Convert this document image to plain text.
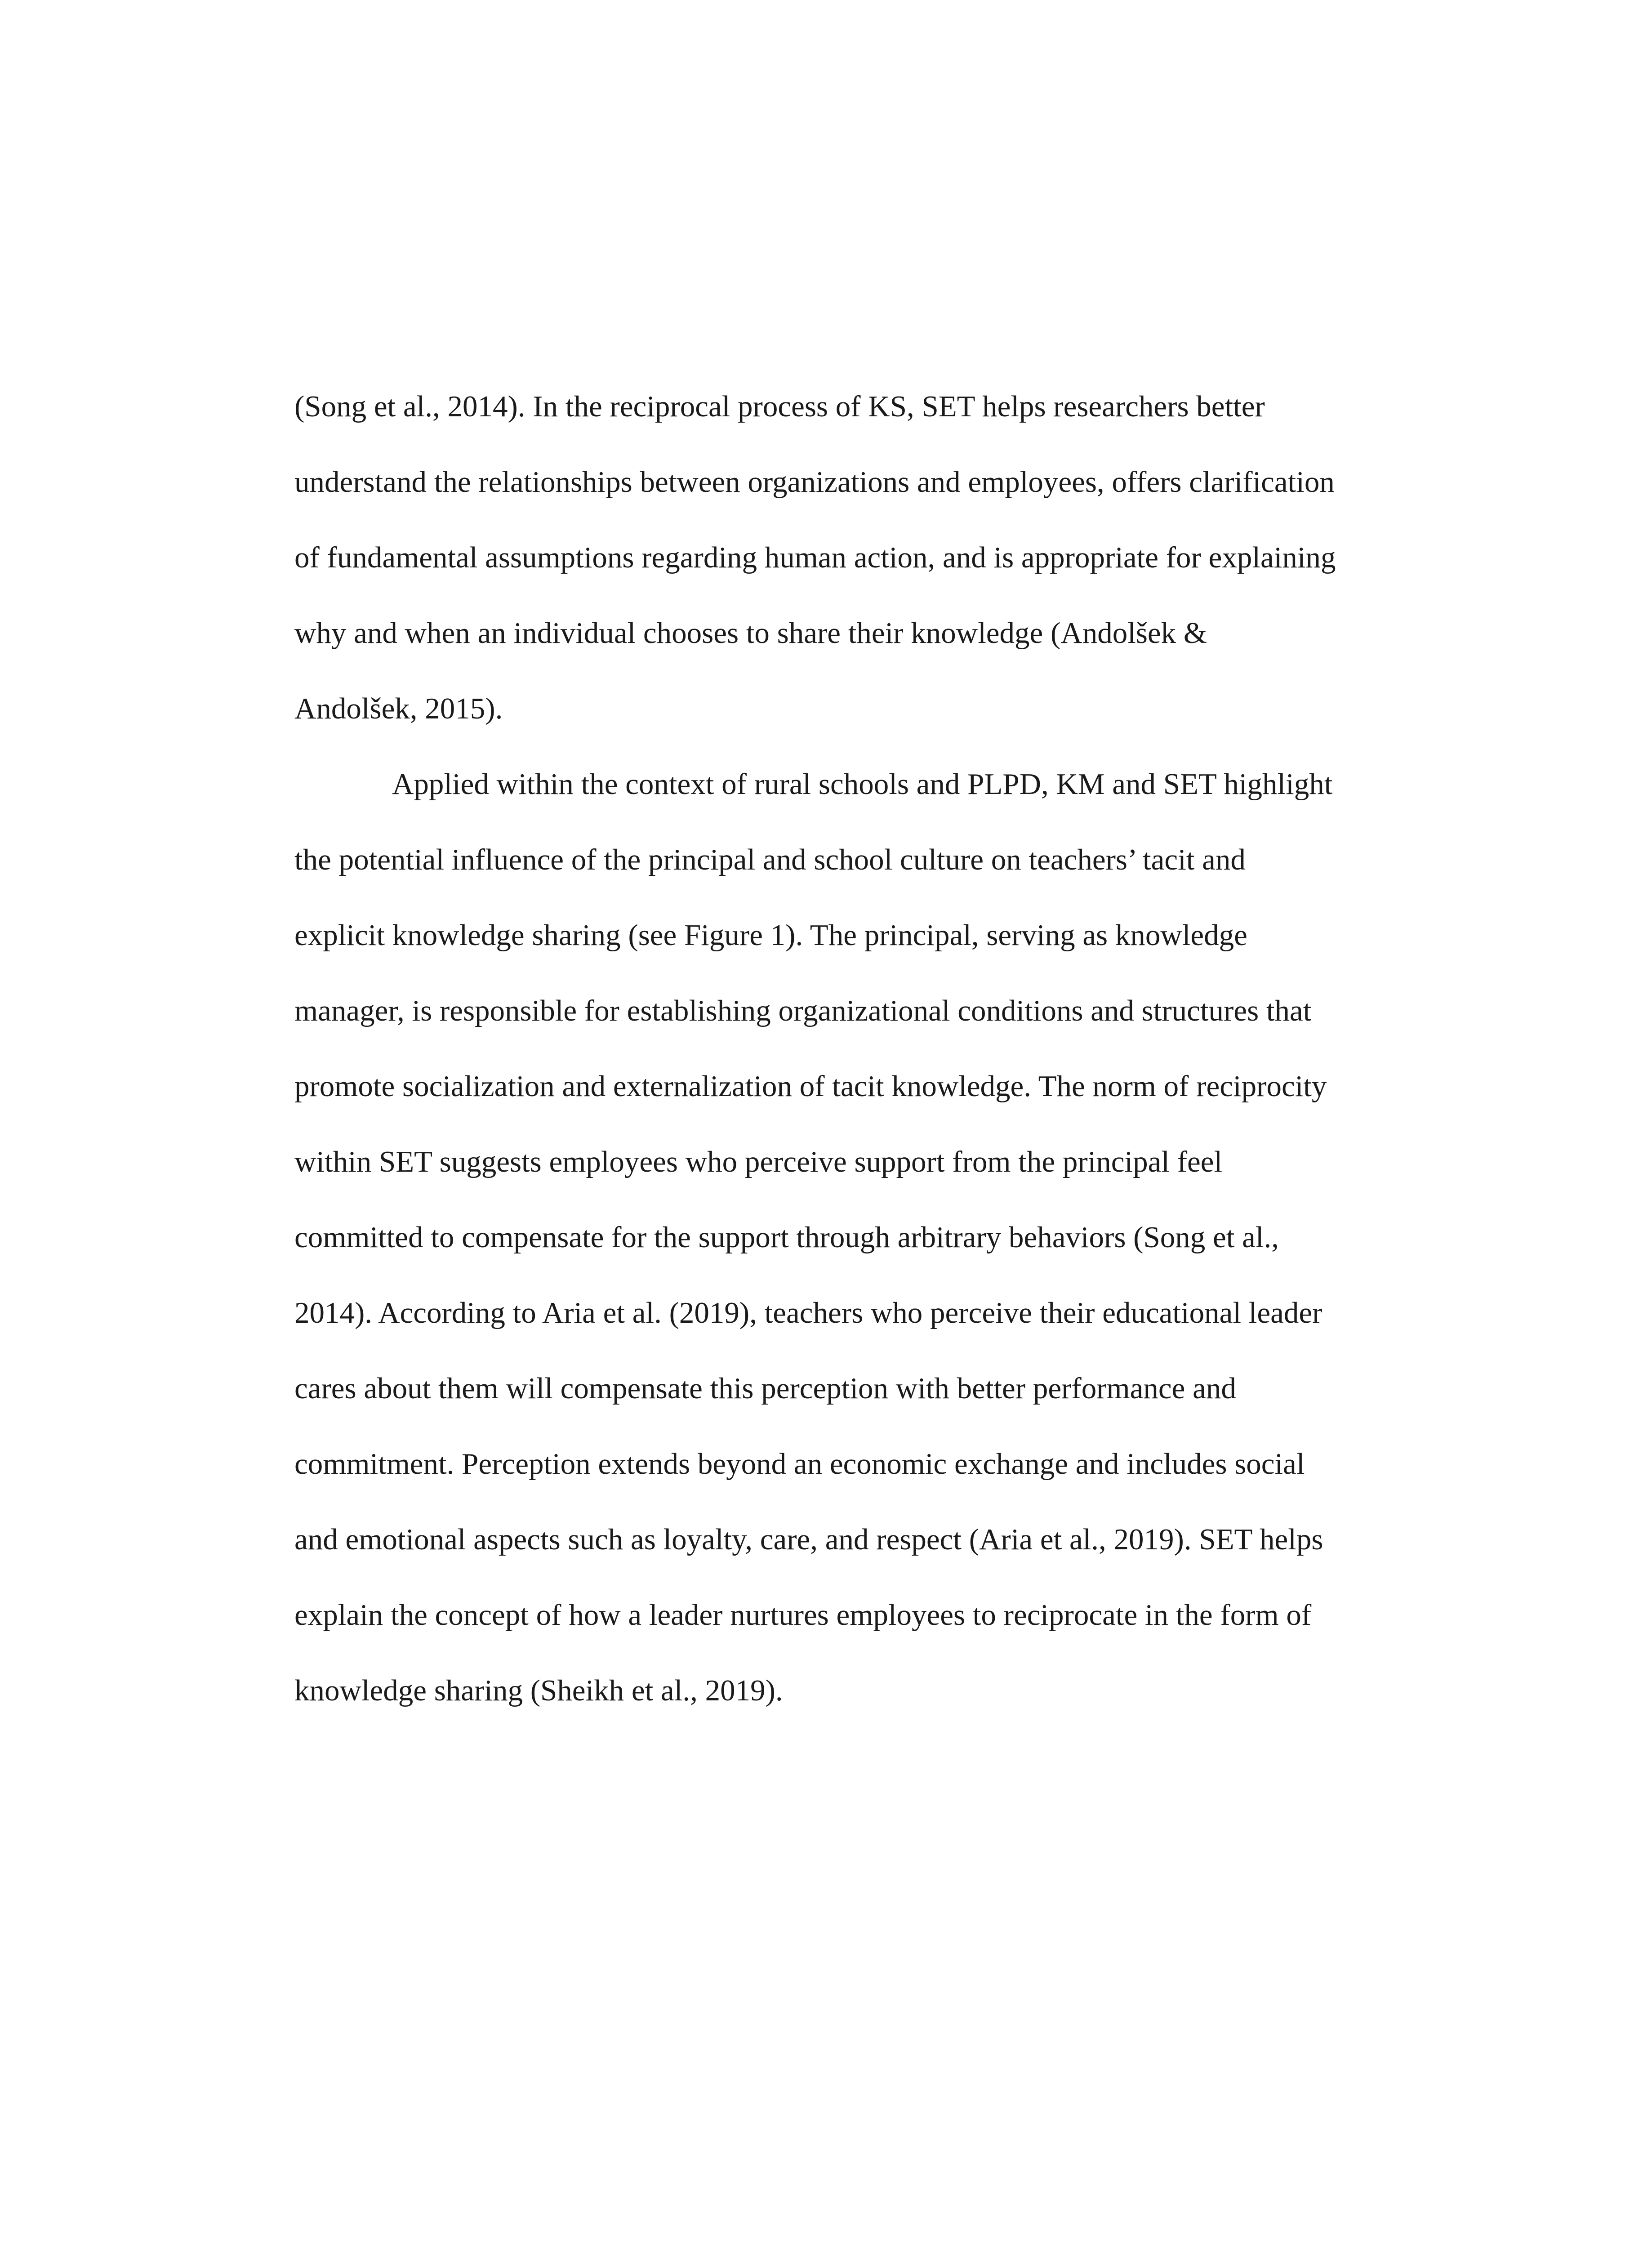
(Song et al., 2014). In the reciprocal process of KS, SET helps researchers better
understand the relationships between organizations and employees, offers clarification
of fundamental assumptions regarding human action, and is appropriate for explaining
why and when an individual chooses to share their knowledge (Andolšek &
Andolšek, 2015).
Applied within the context of rural schools and PLPD, KM and SET highlight
the potential influence of the principal and school culture on teachers’ tacit and
explicit knowledge sharing (see Figure 1). The principal, serving as knowledge
manager, is responsible for establishing organizational conditions and structures that
promote socialization and externalization of tacit knowledge. The norm of reciprocity
within SET suggests employees who perceive support from the principal feel
committed to compensate for the support through arbitrary behaviors (Song et al.,
2014). According to Aria et al. (2019), teachers who perceive their educational leader
cares about them will compensate this perception with better performance and
commitment. Perception extends beyond an economic exchange and includes social
and emotional aspects such as loyalty, care, and respect (Aria et al., 2019). SET helps
explain the concept of how a leader nurtures employees to reciprocate in the form of
knowledge sharing (Sheikh et al., 2019).
